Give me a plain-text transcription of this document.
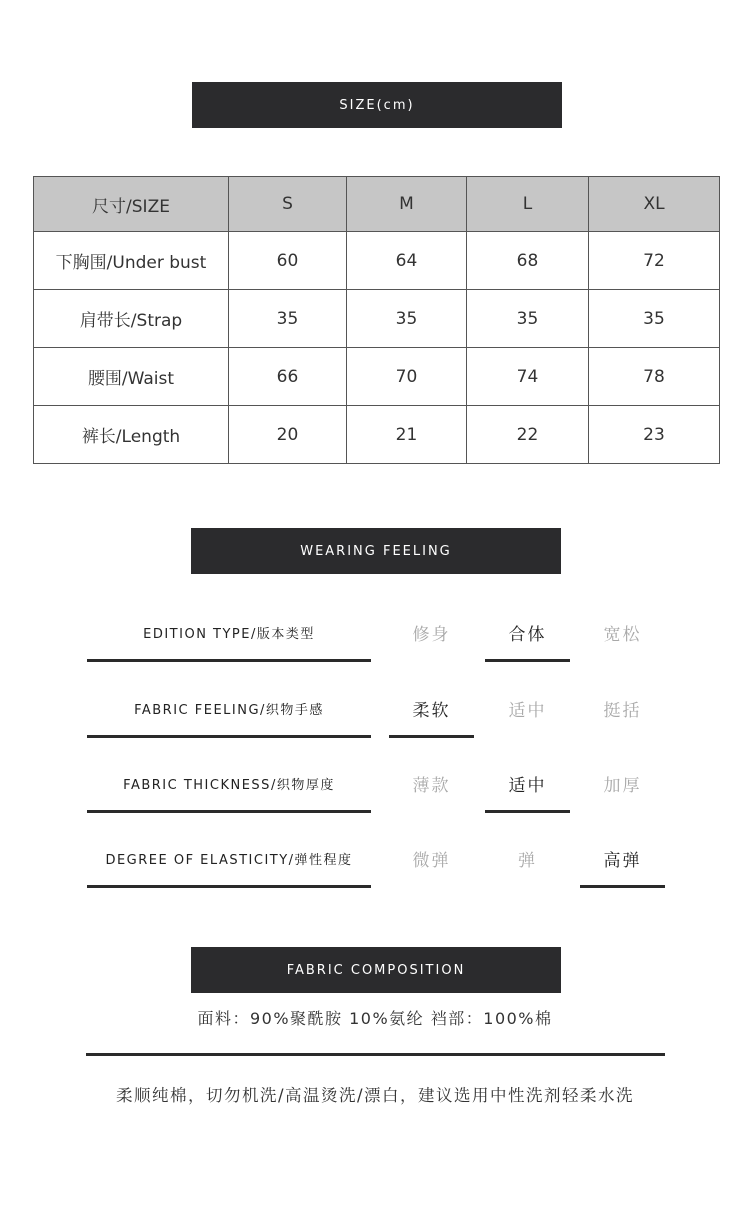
SIZE(cm)
尺寸/SIZE	S	M	L	XL
下胸围/Under bust	60	64	68	72
肩带长/Strap	35	35	35	35
腰围/Waist	66	70	74	78
裤长/Length	20	21	22	23
WEARING FEELING
EDITION TYPE/版本类型	修身	合体	宽松
FABRIC FEELING/织物手感	柔软	适中	挺括
FABRIC THICKNESS/织物厚度	薄款	适中	加厚
DEGREE OF ELASTICITY/弹性程度	微弹	弹	高弹
FABRIC COMPOSITION
面料：90%聚酰胺 10%氨纶 裆部：100%棉
柔顺纯棉，切勿机洗/高温烫洗/漂白，建议选用中性洗剂轻柔水洗
